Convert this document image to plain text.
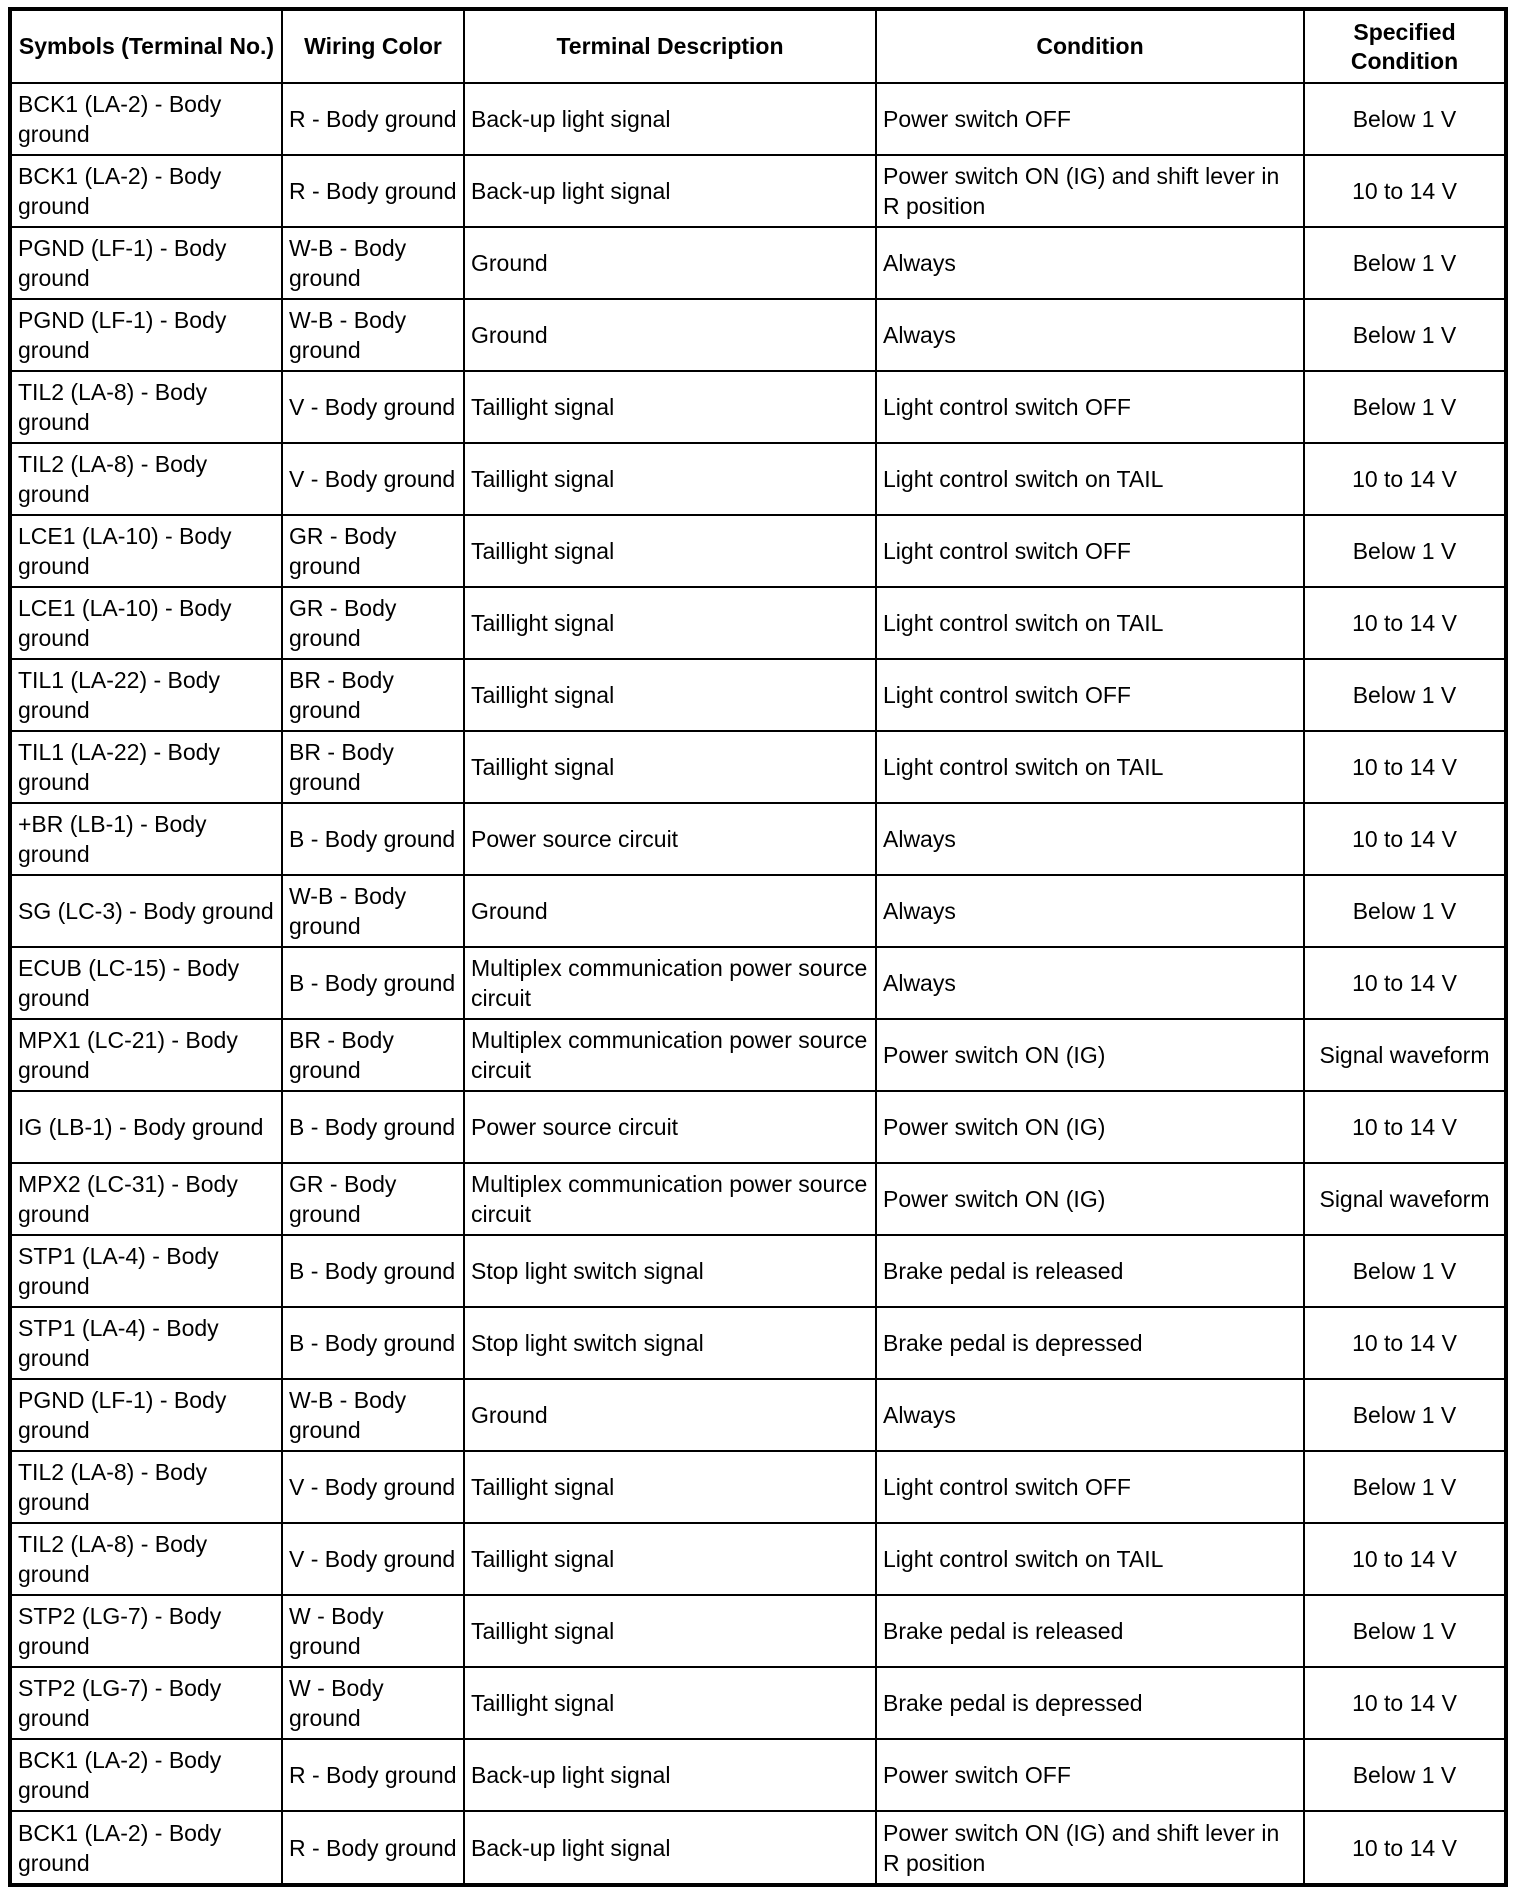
Symbols (Terminal No.)	Wiring Color	Terminal Description	Condition	Specified Condition
BCK1 (LA-2) - Body ground	R - Body ground	Back-up light signal	Power switch OFF	Below 1 V
BCK1 (LA-2) - Body ground	R - Body ground	Back-up light signal	Power switch ON (IG) and shift lever in R position	10 to 14 V
PGND (LF-1) - Body ground	W-B - Body ground	Ground	Always	Below 1 V
PGND (LF-1) - Body ground	W-B - Body ground	Ground	Always	Below 1 V
TIL2 (LA-8) - Body ground	V - Body ground	Taillight signal	Light control switch OFF	Below 1 V
TIL2 (LA-8) - Body ground	V - Body ground	Taillight signal	Light control switch on TAIL	10 to 14 V
LCE1 (LA-10) - Body ground	GR - Body ground	Taillight signal	Light control switch OFF	Below 1 V
LCE1 (LA-10) - Body ground	GR - Body ground	Taillight signal	Light control switch on TAIL	10 to 14 V
TIL1 (LA-22) - Body ground	BR - Body ground	Taillight signal	Light control switch OFF	Below 1 V
TIL1 (LA-22) - Body ground	BR - Body ground	Taillight signal	Light control switch on TAIL	10 to 14 V
+BR (LB-1) - Body ground	B - Body ground	Power source circuit	Always	10 to 14 V
SG (LC-3) - Body ground	W-B - Body ground	Ground	Always	Below 1 V
ECUB (LC-15) - Body ground	B - Body ground	Multiplex communication power source circuit	Always	10 to 14 V
MPX1 (LC-21) - Body ground	BR - Body ground	Multiplex communication power source circuit	Power switch ON (IG)	Signal waveform
IG (LB-1) - Body ground	B - Body ground	Power source circuit	Power switch ON (IG)	10 to 14 V
MPX2 (LC-31) - Body ground	GR - Body ground	Multiplex communication power source circuit	Power switch ON (IG)	Signal waveform
STP1 (LA-4) - Body ground	B - Body ground	Stop light switch signal	Brake pedal is released	Below 1 V
STP1 (LA-4) - Body ground	B - Body ground	Stop light switch signal	Brake pedal is depressed	10 to 14 V
PGND (LF-1) - Body ground	W-B - Body ground	Ground	Always	Below 1 V
TIL2 (LA-8) - Body ground	V - Body ground	Taillight signal	Light control switch OFF	Below 1 V
TIL2 (LA-8) - Body ground	V - Body ground	Taillight signal	Light control switch on TAIL	10 to 14 V
STP2 (LG-7) - Body ground	W - Body ground	Taillight signal	Brake pedal is released	Below 1 V
STP2 (LG-7) - Body ground	W - Body ground	Taillight signal	Brake pedal is depressed	10 to 14 V
BCK1 (LA-2) - Body ground	R - Body ground	Back-up light signal	Power switch OFF	Below 1 V
BCK1 (LA-2) - Body ground	R - Body ground	Back-up light signal	Power switch ON (IG) and shift lever in R position	10 to 14 V
